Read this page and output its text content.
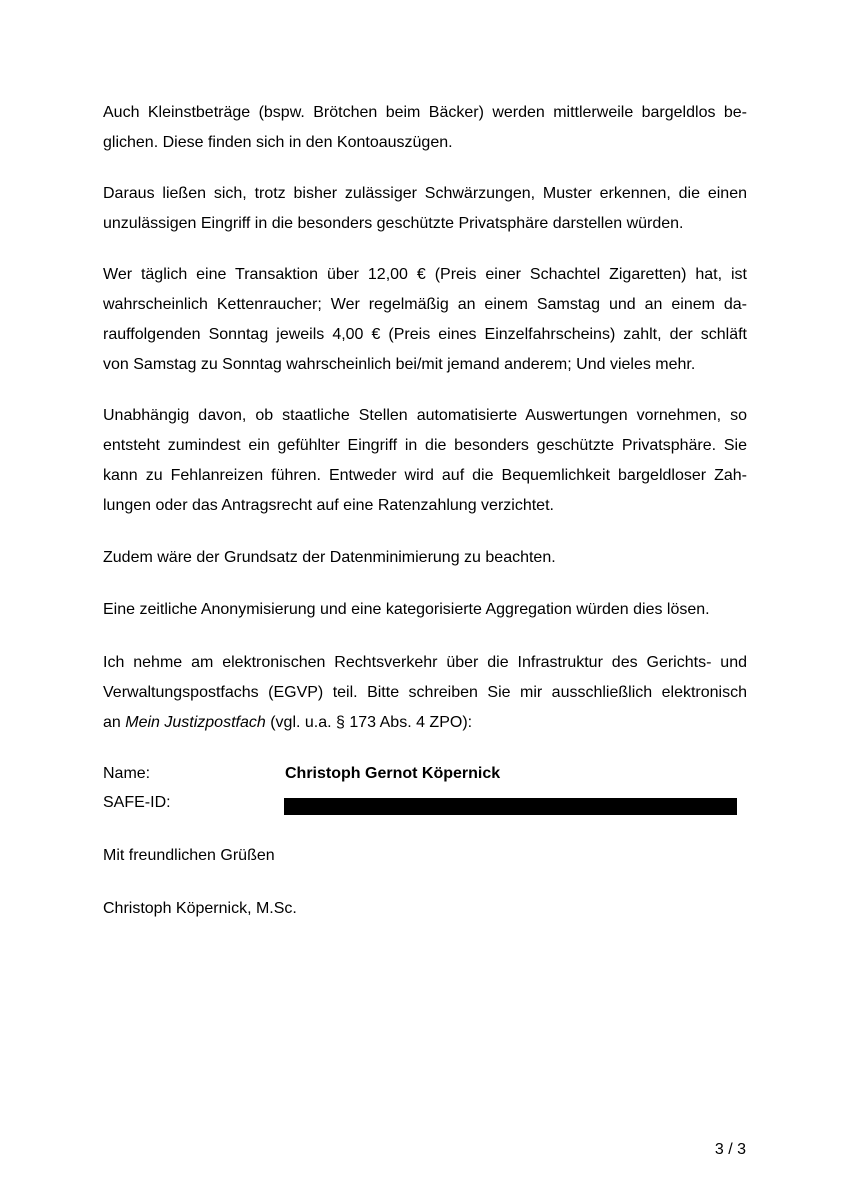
Auch Kleinstbeträge (bspw. Brötchen beim Bäcker) werden mittlerweile bargeldlos be-
glichen. Diese finden sich in den Kontoauszügen.
Daraus ließen sich, trotz bisher zulässiger Schwärzungen, Muster erkennen, die einen
unzulässigen Eingriff in die besonders geschützte Privatsphäre darstellen würden.
Wer täglich eine Transaktion über 12,00 € (Preis einer Schachtel Zigaretten) hat, ist
wahrscheinlich Kettenraucher; Wer regelmäßig an einem Samstag und an einem da-
rauffolgenden Sonntag jeweils 4,00 € (Preis eines Einzelfahrscheins) zahlt, der schläft
von Samstag zu Sonntag wahrscheinlich bei/mit jemand anderem; Und vieles mehr.
Unabhängig davon, ob staatliche Stellen automatisierte Auswertungen vornehmen, so
entsteht zumindest ein gefühlter Eingriff in die besonders geschützte Privatsphäre. Sie
kann zu Fehlanreizen führen. Entweder wird auf die Bequemlichkeit bargeldloser Zah-
lungen oder das Antragsrecht auf eine Ratenzahlung verzichtet.
Zudem wäre der Grundsatz der Datenminimierung zu beachten.
Eine zeitliche Anonymisierung und eine kategorisierte Aggregation würden dies lösen.
Ich nehme am elektronischen Rechtsverkehr über die Infrastruktur des Gerichts- und
Verwaltungspostfachs (EGVP) teil. Bitte schreiben Sie mir ausschließlich elektronisch
an Mein Justizpostfach (vgl. u.a. § 173 Abs. 4 ZPO):
Name:	Christoph Gernot Köpernick
SAFE-ID:
Mit freundlichen Grüßen
Christoph Köpernick, M.Sc.
3 / 3
